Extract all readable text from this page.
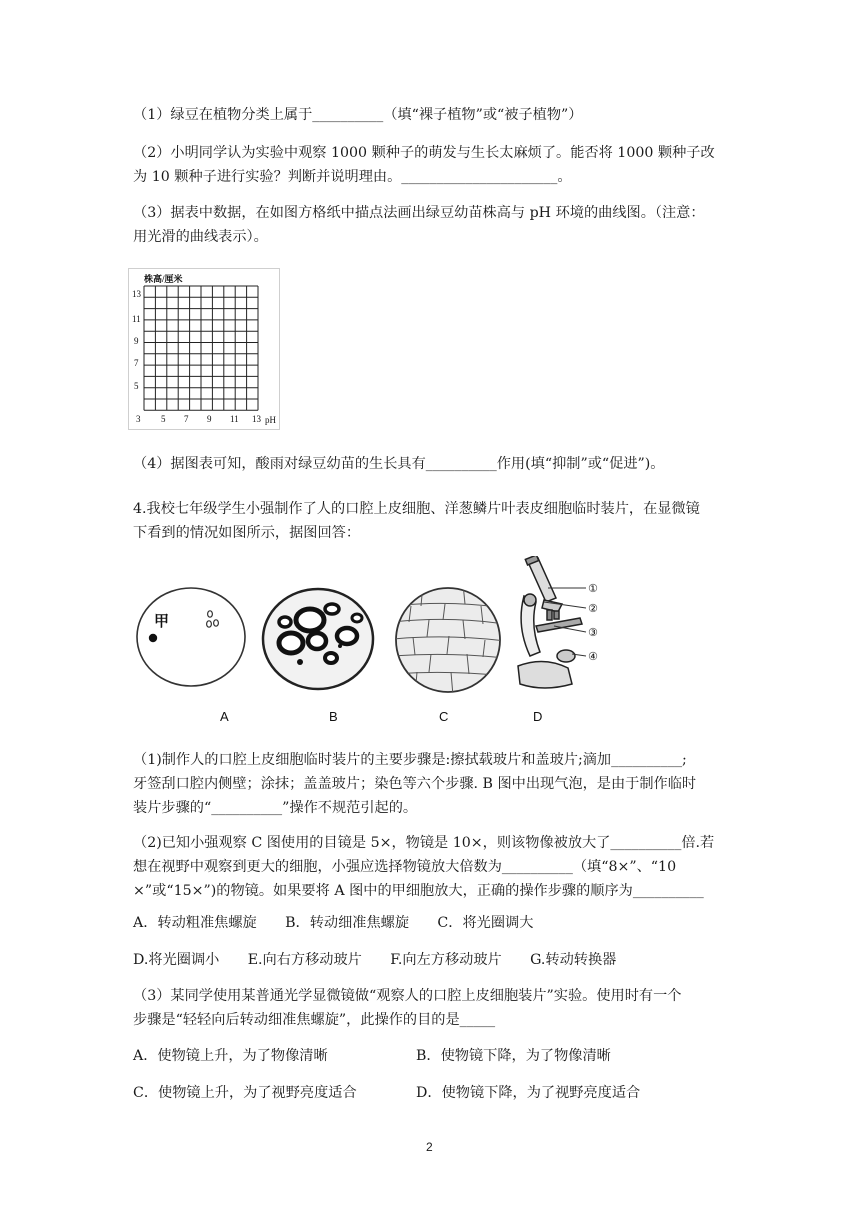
（1）绿豆在植物分类上属于__________（填“裸子植物”或“被子植物”）
（2）小明同学认为实验中观察 1000 颗种子的萌发与生长太麻烦了。能否将 1000 颗种子改
为 10 颗种子进行实验？判断并说明理由。______________________。
（3）据表中数据，在如图方格纸中描点法画出绿豆幼苗株高与 pH 环境的曲线图。（注意：
用光滑的曲线表示）。
株高/厘米
13
11
9
7
5
3 5 7 9 11 13 pH
（4）据图表可知，酸雨对绿豆幼苗的生长具有__________作用(填“抑制”或“促进”)。
4.我校七年级学生小强制作了人的口腔上皮细胞、洋葱鳞片叶表皮细胞临时装片，在显微镜
下看到的情况如图所示，据图回答：
甲
①
②
③
④
A	B	C	D
（1)制作人的口腔上皮细胞临时装片的主要步骤是:擦拭载玻片和盖玻片;滴加__________;
牙签刮口腔内侧壁；涂抹；盖盖玻片；染色等六个步骤. B 图中出现气泡，是由于制作临时
装片步骤的“__________”操作不规范引起的。
（2)已知小强观察 C 图使用的目镜是 5×，物镜是 10×，则该物像被放大了__________倍.若
想在视野中观察到更大的细胞，小强应选择物镜放大倍数为__________（填“8×”、“10
×”或“15×”)的物镜。如果要将 A 图中的甲细胞放大，正确的操作步骤的顺序为__________
A．转动粗准焦螺旋　　B．转动细准焦螺旋　　C．将光圈调大
D.将光圈调小　　E.向右方移动玻片　　F.向左方移动玻片　　G.转动转换器
（3）某同学使用某普通光学显微镜做“观察人的口腔上皮细胞装片”实验。使用时有一个
步骤是“轻轻向后转动细准焦螺旋”，此操作的目的是_____
A．使物镜上升，为了物像清晰	B．使物镜下降，为了物像清晰
C．使物镜上升，为了视野亮度适合	D．使物镜下降，为了视野亮度适合
2
